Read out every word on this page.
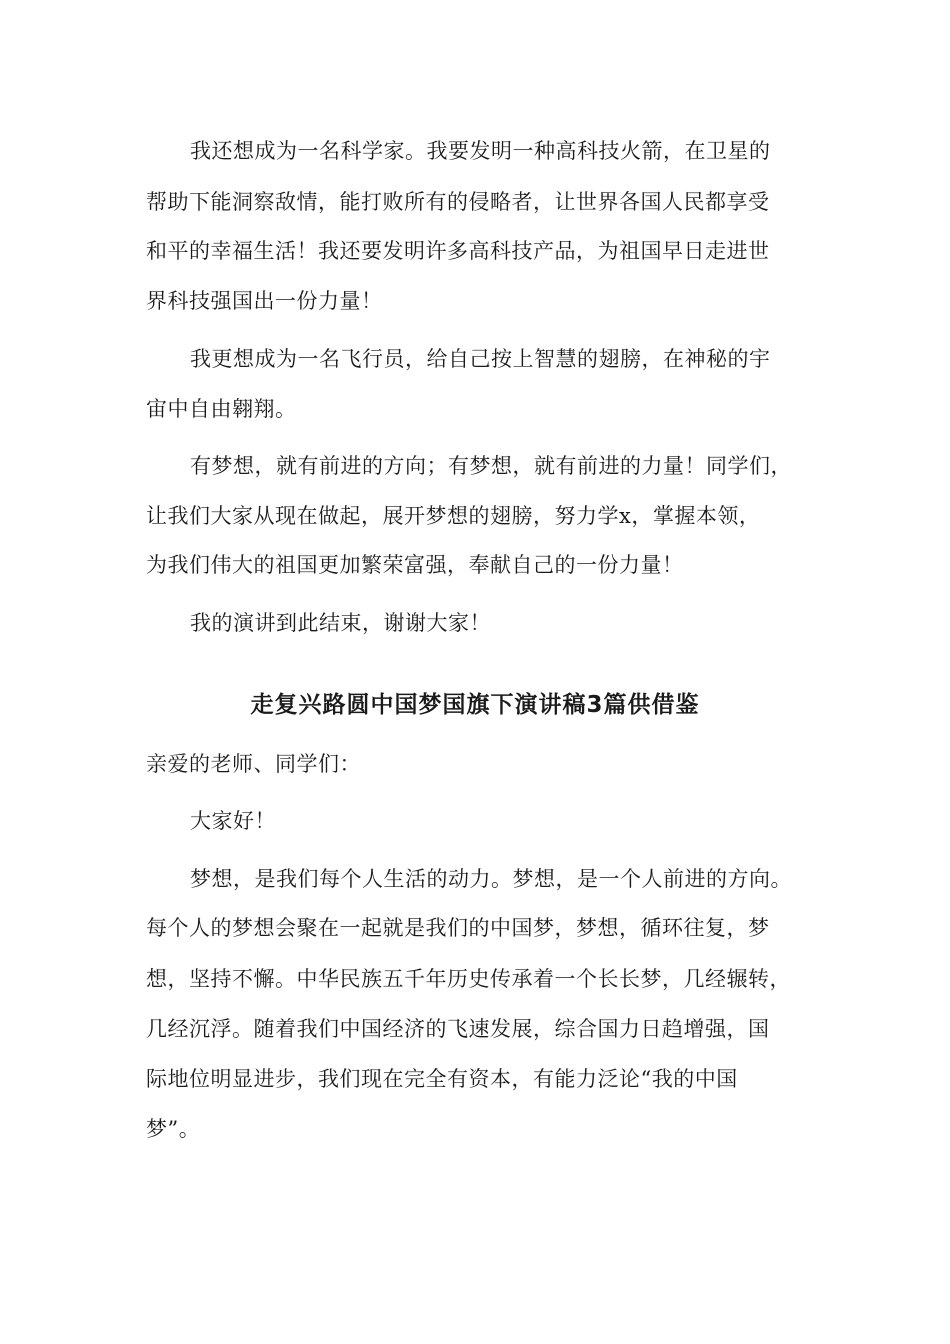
我还想成为一名科学家。我要发明一种高科技火箭，在卫星的
帮助下能洞察敌情，能打败所有的侵略者，让世界各国人民都享受
和平的幸福生活！我还要发明许多高科技产品，为祖国早日走进世
界科技强国出一份力量！
我更想成为一名飞行员，给自己按上智慧的翅膀，在神秘的宇
宙中自由翱翔。
有梦想，就有前进的方向；有梦想，就有前进的力量！同学们，
让我们大家从现在做起，展开梦想的翅膀，努力学x，掌握本领，
为我们伟大的祖国更加繁荣富强，奉献自己的一份力量！
我的演讲到此结束，谢谢大家！
走复兴路圆中国梦国旗下演讲稿3篇供借鉴
亲爱的老师、同学们：
大家好！
梦想，是我们每个人生活的动力。梦想，是一个人前进的方向。
每个人的梦想会聚在一起就是我们的中国梦，梦想，循环往复，梦
想，坚持不懈。中华民族五千年历史传承着一个长长梦，几经辗转，
几经沉浮。随着我们中国经济的飞速发展，综合国力日趋增强，国
际地位明显进步，我们现在完全有资本，有能力泛论“我的中国
梦”。
